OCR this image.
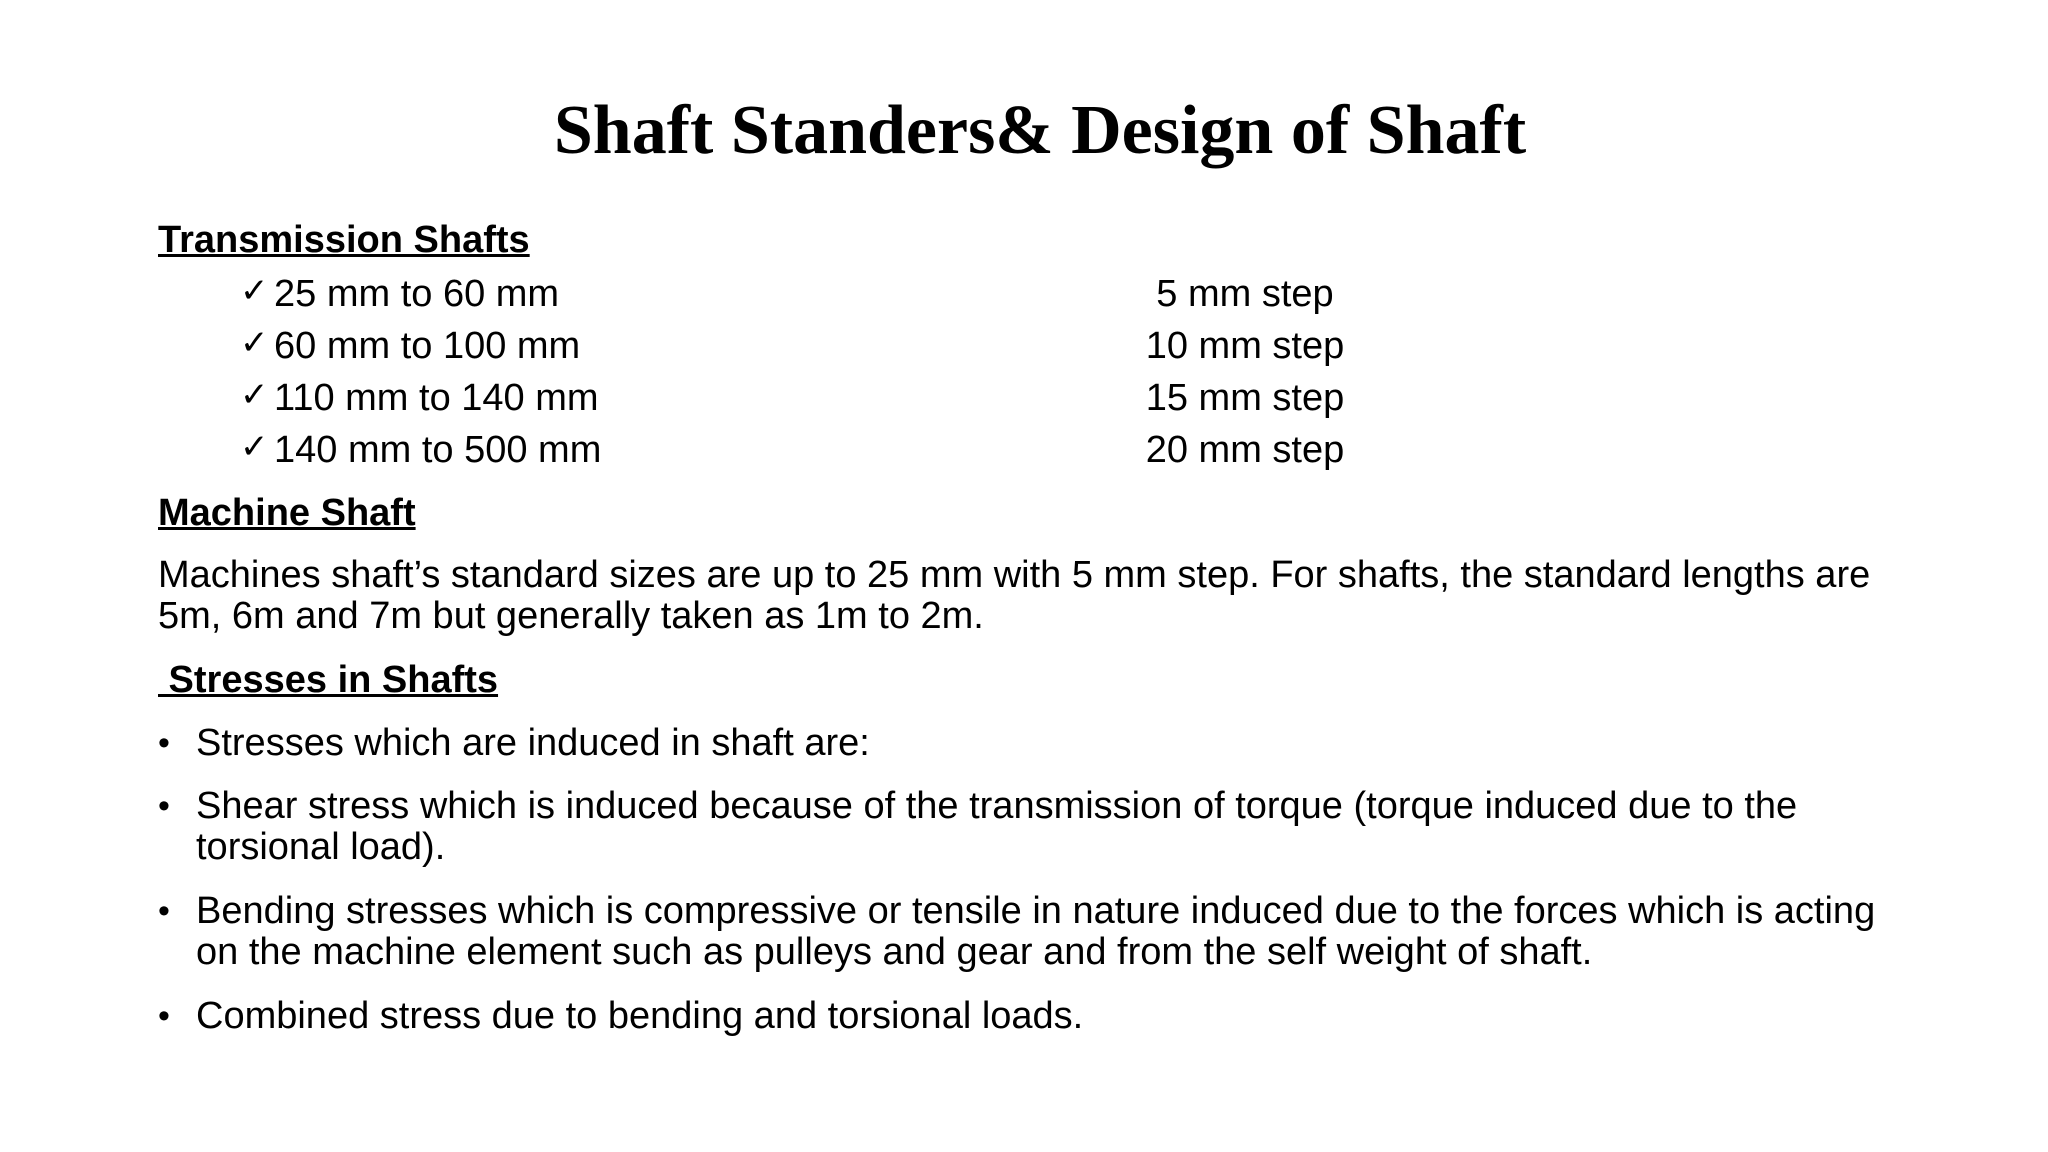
Shaft Standers& Design of Shaft
Transmission Shafts
✓ 25 mm to 60 mm	5 mm step
✓ 60 mm to 100 mm	10 mm step
✓ 110 mm to 140 mm	15 mm step
✓ 140 mm to 500 mm	20 mm step
Machine Shaft

Machines shaft’s standard sizes are up to 25 mm with 5 mm step. For shafts, the standard lengths are 5m, 6m and 7m but generally taken as 1m to 2m.

Stresses in Shafts
• Stresses which are induced in shaft are:
• Shear stress which is induced because of the transmission of torque (torque induced due to the torsional load).
• Bending stresses which is compressive or tensile in nature induced due to the forces which is acting on the machine element such as pulleys and gear and from the self weight of shaft.
• Combined stress due to bending and torsional loads.
